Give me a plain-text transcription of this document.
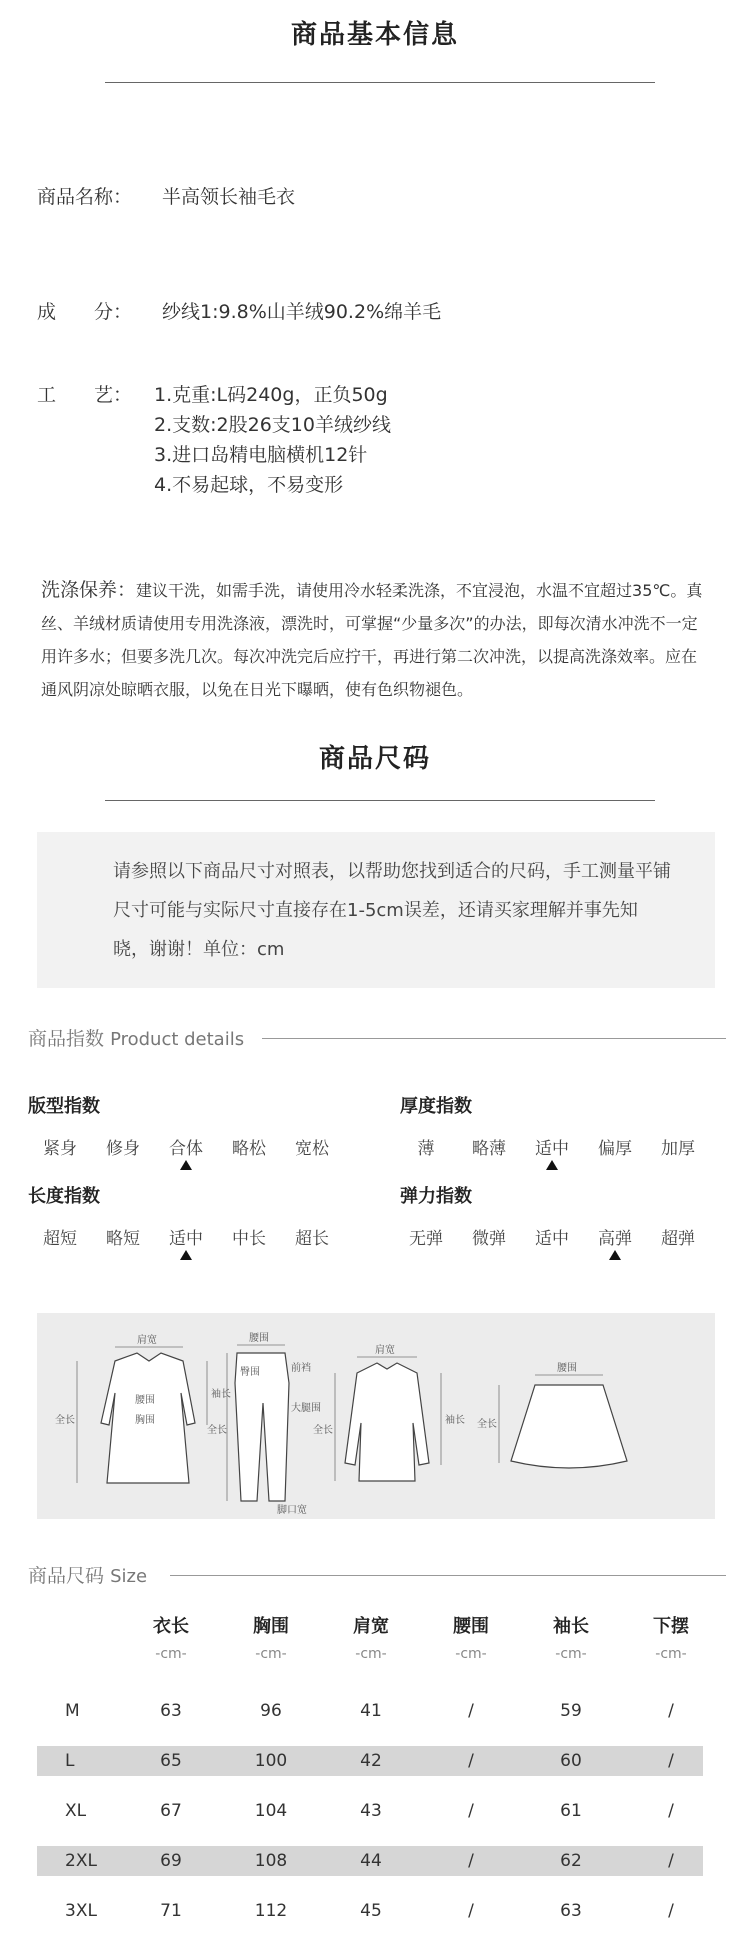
商品基本信息
商品名称： 半高领长袖毛衣
成　　分： 纱线1:9.8%山羊绒90.2%绵羊毛
工　　艺：	1.克重:L码240g，正负50g
2.支数:2股26支10羊绒纱线
3.进口岛精电脑横机12针
4.不易起球，不易变形
洗涤保养：建议干洗，如需手洗，请使用冷水轻柔洗涤，不宜浸泡，水温不宜超过35℃。真丝、羊绒材质请使用专用洗涤液，漂洗时，可掌握“少量多次”的办法，即每次清水冲洗不一定用许多水；但要多洗几次。每次冲洗完后应拧干，再进行第二次冲洗，以提高洗涤效率。应在通风阴凉处晾晒衣服，以免在日光下曝晒，使有色织物褪色。
商品尺码

请参照以下商品尺寸对照表，以帮助您找到适合的尺码，手工测量平铺尺寸可能与实际尺寸直接存在1-5cm误差，还请买家理解并事先知晓，谢谢！单位：cm

商品指数 Product details
版型指数
紧身	修身	合体	略松	宽松
厚度指数
薄	略薄	适中	偏厚	加厚
长度指数
超短	略短	适中	中长	超长
弹力指数
无弹	微弹	适中	高弹	超弹
肩宽
腰围
胸围
袖长
全长
腰围
臀围	前裆
大腿围
脚口宽
全长
肩宽
全长
袖长
腰围
全长
商品尺码 Size
衣长	胸围	肩宽	腰围	袖长	下摆
-cm-	-cm-	-cm-	-cm-	-cm-	-cm-
M	63	96	41	/	59	/
L	65	100	42	/	60	/
XL	67	104	43	/	61	/
2XL	69	108	44	/	62	/
3XL	71	112	45	/	63	/
